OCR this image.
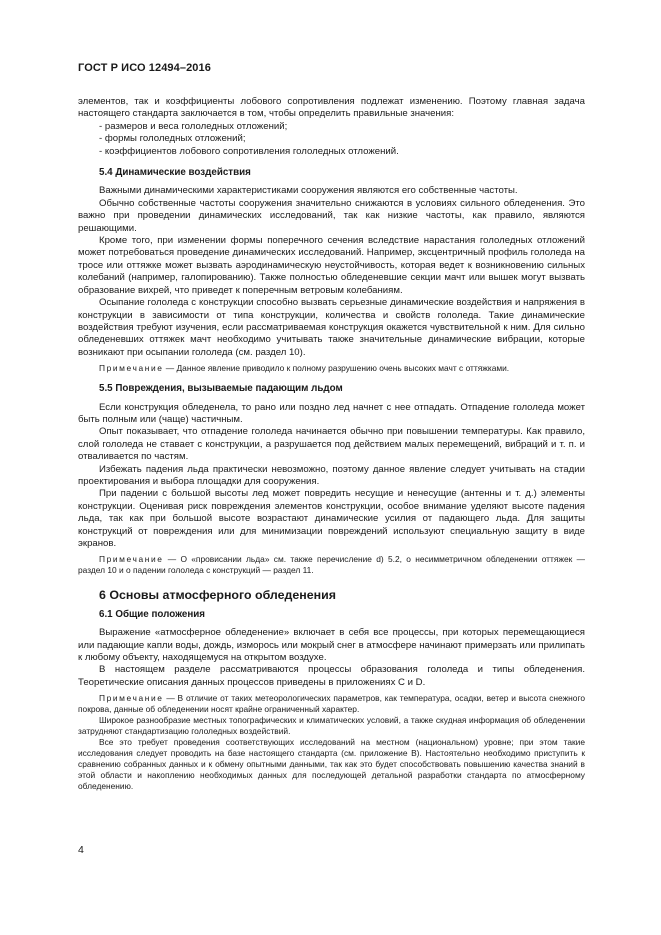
ГОСТ Р ИСО 12494–2016

элементов, так и коэффициенты лобового сопротивления подлежат изменению. Поэтому главная задача настоящего стандарта заключается в том, чтобы определить правильные значения:

- размеров и веса гололедных отложений;
- формы гололедных отложений;
- коэффициентов лобового сопротивления гололедных отложений.
5.4 Динамические воздействия

Важными динамическими характеристиками сооружения являются его собственные частоты.

Обычно собственные частоты сооружения значительно снижаются в условиях сильного обледенения. Это важно при проведении динамических исследований, так как низкие частоты, как правило, являются решающими.

Кроме того, при изменении формы поперечного сечения вследствие нарастания гололедных отложений может потребоваться проведение динамических исследований. Например, эксцентричный профиль гололеда на тросе или оттяжке может вызвать аэродинамическую неустойчивость, которая ведет к возникновению сильных колебаний (например, галопированию). Также полностью обледеневшие секции мачт или вышек могут вызвать образование вихрей, что приведет к поперечным ветровым колебаниям.

Осыпание гололеда с конструкции способно вызвать серьезные динамические воздействия и напряжения в конструкции в зависимости от типа конструкции, количества и свойств гололеда. Такие динамические воздействия требуют изучения, если рассматриваемая конструкция окажется чувствительной к ним. Для сильно обледеневших оттяжек мачт необходимо учитывать также значительные динамические вибрации, которые возникают при осыпании гололеда (см. раздел 10).

Примечание — Данное явление приводило к полному разрушению очень высоких мачт с оттяжками.

5.5 Повреждения, вызываемые падающим льдом

Если конструкция обледенела, то рано или поздно лед начнет с нее отпадать. Отпадение гололеда может быть полным или (чаще) частичным.

Опыт показывает, что отпадение гололеда начинается обычно при повышении температуры. Как правило, слой гололеда не ставает с конструкции, а разрушается под действием малых перемещений, вибраций и т. п. и отваливается по частям.

Избежать падения льда практически невозможно, поэтому данное явление следует учитывать на стадии проектирования и выбора площадки для сооружения.

При падении с большой высоты лед может повредить несущие и ненесущие (антенны и т. д.) элементы конструкции. Оценивая риск повреждения элементов конструкции, особое внимание уделяют высоте падения льда, так как при большой высоте возрастают динамические усилия от падающего льда. Для защиты конструкций от повреждения или для минимизации повреждений используют специальную защиту в виде экранов.

Примечание — О «провисании льда» см. также перечисление d) 5.2, о несимметричном обледенении оттяжек — раздел 10 и о падении гололеда с конструкций — раздел 11.

6 Основы атмосферного обледенения
6.1 Общие положения

Выражение «атмосферное обледенение» включает в себя все процессы, при которых перемещающиеся или падающие капли воды, дождь, изморось или мокрый снег в атмосфере начинают примерзать или прилипать к любому объекту, находящемуся на открытом воздухе.

В настоящем разделе рассматриваются процессы образования гололеда и типы обледенения. Теоретические описания данных процессов приведены в приложениях C и D.

Примечание — В отличие от таких метеорологических параметров, как температура, осадки, ветер и высота снежного покрова, данные об обледенении носят крайне ограниченный характер.

Широкое разнообразие местных топографических и климатических условий, а также скудная информация об обледенении затрудняют стандартизацию гололедных воздействий.

Все это требует проведения соответствующих исследований на местном (национальном) уровне; при этом такие исследования следует проводить на базе настоящего стандарта (см. приложение B). Настоятельно необходимо приступить к сравнению собранных данных и к обмену опытными данными, так как это будет способствовать повышению качества знаний в этой области и накоплению необходимых данных для последующей детальной разработки стандарта по атмосферному обледенению.

4
